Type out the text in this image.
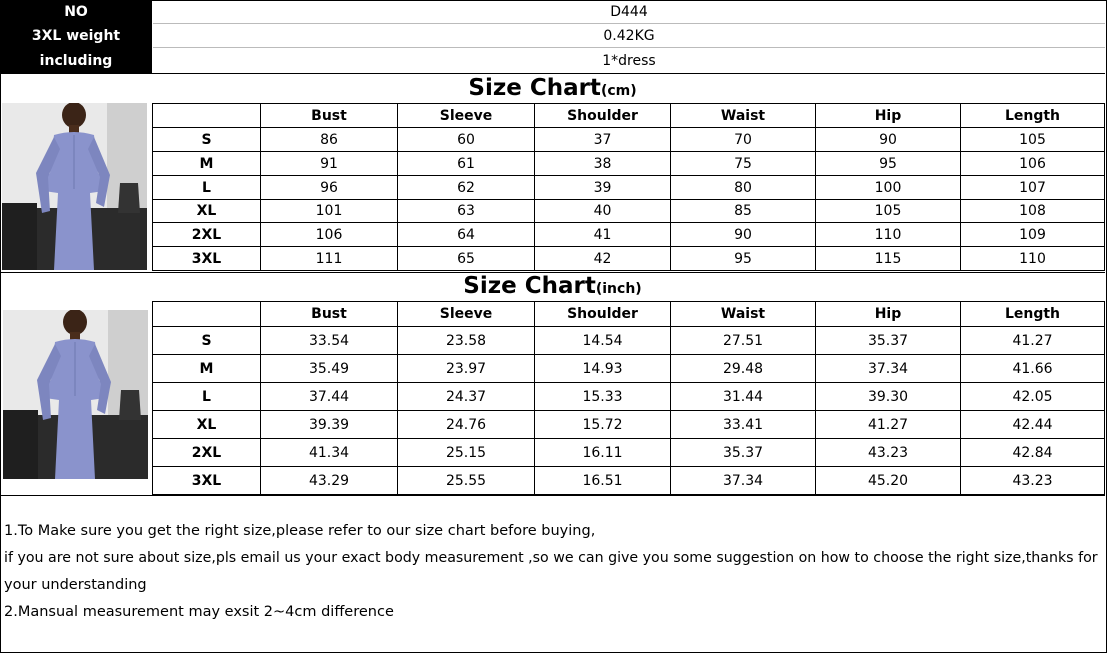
NO	D444
3XL weight	0.42KG
including	1*dress
Size Chart(cm)
	Bust	Sleeve	Shoulder	Waist	Hip	Length
S	86	60	37	70	90	105
M	91	61	38	75	95	106
L	96	62	39	80	100	107
XL	101	63	40	85	105	108
2XL	106	64	41	90	110	109
3XL	111	65	42	95	115	110
Size Chart(inch)
	Bust	Sleeve	Shoulder	Waist	Hip	Length
S	33.54	23.58	14.54	27.51	35.37	41.27
M	35.49	23.97	14.93	29.48	37.34	41.66
L	37.44	24.37	15.33	31.44	39.30	42.05
XL	39.39	24.76	15.72	33.41	41.27	42.44
2XL	41.34	25.15	16.11	35.37	43.23	42.84
3XL	43.29	25.55	16.51	37.34	45.20	43.23

1.To Make sure you get the right size,please refer to our size chart before buying,

if you are not sure about size,pls email us your exact body measurement ,so we can give you some suggestion on how to choose the right size,thanks for

your understanding

2.Mansual measurement may exsit 2~4cm difference
